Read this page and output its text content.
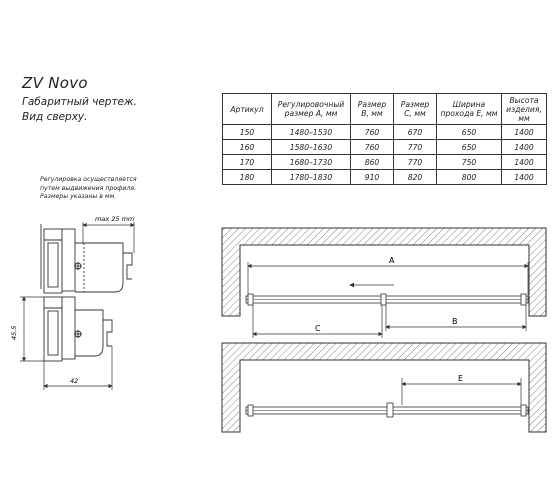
ZV Novo
Габаритный чертеж.
Вид сверху.
Артикул	Регулировочный размер А, мм	Размер В, мм	Размер С, мм	Ширина прохода Е, мм	Высота изделия, мм
150	1480–1530	760	670	650	1400
160	1580–1630	760	770	650	1400
170	1680–1730	860	770	750	1400
180	1780–1830	910	820	800	1400
Регулировка осуществляется
путем выдвижения профиля.
Размеры указаны в мм.
max 25 mm
45,5
42
A
C
B
E
